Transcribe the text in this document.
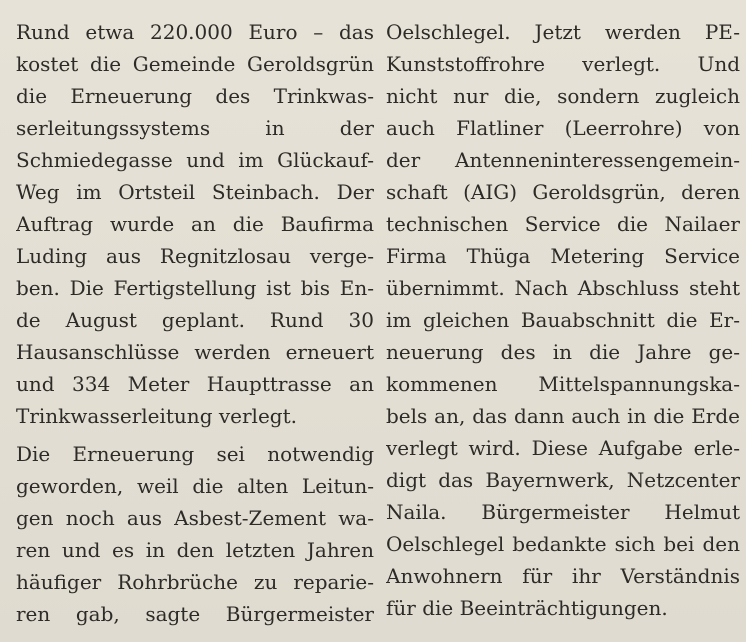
Rund etwa 220.000 Euro – das
kostet die Gemeinde Geroldsgrün
die Erneuerung des Trinkwas-
serleitungssystems in der
Schmiedegasse und im Glückauf-
Weg im Ortsteil Steinbach. Der
Auftrag wurde an die Baufirma
Luding aus Regnitzlosau verge-
ben. Die Fertigstellung ist bis En-
de August geplant. Rund 30
Hausanschlüsse werden erneuert
und 334 Meter Haupttrasse an
Trinkwasserleitung verlegt.
Die Erneuerung sei notwendig
geworden, weil die alten Leitun-
gen noch aus Asbest-Zement wa-
ren und es in den letzten Jahren
häufiger Rohrbrüche zu reparie-
ren gab, sagte Bürgermeister
Oelschlegel. Jetzt werden PE-
Kunststoffrohre verlegt. Und
nicht nur die, sondern zugleich
auch Flatliner (Leerrohre) von
der Antenneninteressengemein-
schaft (AIG) Geroldsgrün, deren
technischen Service die Nailaer
Firma Thüga Metering Service
übernimmt. Nach Abschluss steht
im gleichen Bauabschnitt die Er-
neuerung des in die Jahre ge-
kommenen Mittelspannungska-
bels an, das dann auch in die Erde
verlegt wird. Diese Aufgabe erle-
digt das Bayernwerk, Netzcenter
Naila. Bürgermeister Helmut
Oelschlegel bedankte sich bei den
Anwohnern für ihr Verständnis
für die Beeinträchtigungen.
